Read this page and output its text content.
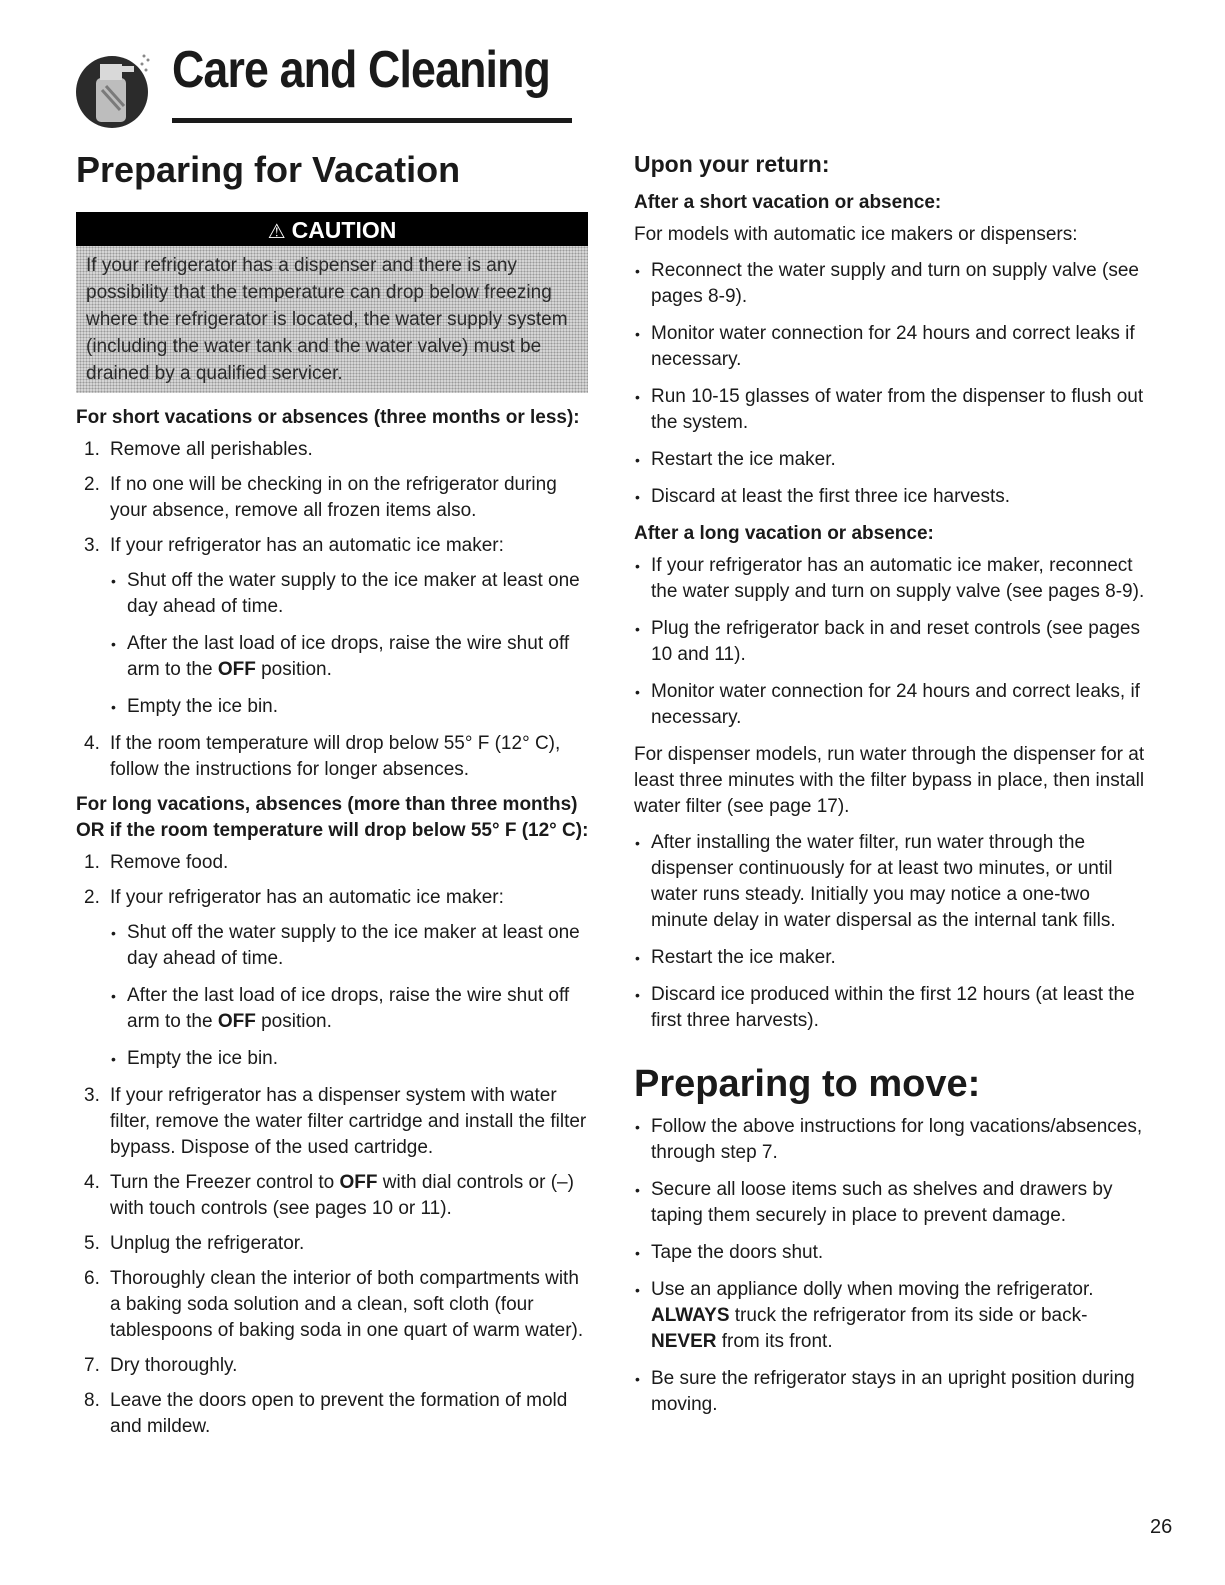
Care and Cleaning
Preparing for Vacation
⚠ CAUTION
If your refrigerator has a dispenser and there is any possibility that the temperature can drop below freezing where the refrigerator is located, the water supply system (including the water tank and the water valve) must be drained by a qualified servicer.
For short vacations or absences (three months or less):
1. Remove all perishables.
2. If no one will be checking in on the refrigerator during your absence, remove all frozen items also.
3. If your refrigerator has an automatic ice maker:
• Shut off the water supply to the ice maker at least one day ahead of time.
• After the last load of ice drops, raise the wire shut off arm to the OFF position.
• Empty the ice bin.
4. If the room temperature will drop below 55° F (12° C), follow the instructions for longer absences.
For long vacations, absences (more than three months) OR if the room temperature will drop below 55° F (12° C):
1. Remove food.
2. If your refrigerator has an automatic ice maker:
• Shut off the water supply to the ice maker at least one day ahead of time.
• After the last load of ice drops, raise the wire shut off arm to the OFF position.
• Empty the ice bin.
3. If your refrigerator has a dispenser system with water filter, remove the water filter cartridge and install the filter bypass. Dispose of the used cartridge.
4. Turn the Freezer control to OFF with dial controls or (–) with touch controls (see pages 10 or 11).
5. Unplug the refrigerator.
6. Thoroughly clean the interior of both compartments with a baking soda solution and a clean, soft cloth (four tablespoons of baking soda in one quart of warm water).
7. Dry thoroughly.
8. Leave the doors open to prevent the formation of mold and mildew.
Upon your return:
After a short vacation or absence:

For models with automatic ice makers or dispensers:

• Reconnect the water supply and turn on supply valve (see pages 8-9).
• Monitor water connection for 24 hours and correct leaks if necessary.
• Run 10-15 glasses of water from the dispenser to flush out the system.
• Restart the ice maker.
• Discard at least the first three ice harvests.
After a long vacation or absence:
• If your refrigerator has an automatic ice maker, reconnect the water supply and turn on supply valve (see pages 8-9).
• Plug the refrigerator back in and reset controls (see pages 10 and 11).
• Monitor water connection for 24 hours and correct leaks, if necessary.

For dispenser models, run water through the dispenser for at least three minutes with the filter bypass in place, then install water filter (see page 17).

• After installing the water filter, run water through the dispenser continuously for at least two minutes, or until water runs steady. Initially you may notice a one-two minute delay in water dispersal as the internal tank fills.
• Restart the ice maker.
• Discard ice produced within the first 12 hours (at least the first three harvests).
Preparing to move:
• Follow the above instructions for long vacations/absences, through step 7.
• Secure all loose items such as shelves and drawers by taping them securely in place to prevent damage.
• Tape the doors shut.
• Use an appliance dolly when moving the refrigerator. ALWAYS truck the refrigerator from its side or back-NEVER from its front.
• Be sure the refrigerator stays in an upright position during moving.
26
